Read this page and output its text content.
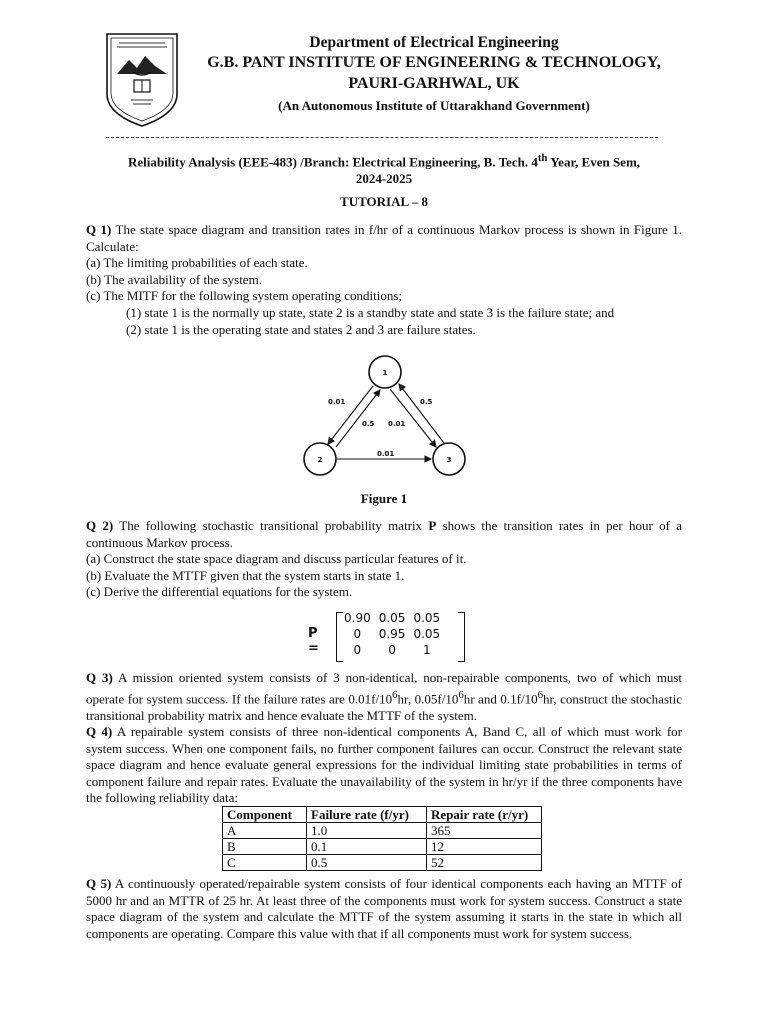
Department of Electrical Engineering
G.B. PANT INSTITUTE OF ENGINEERING & TECHNOLOGY,
PAURI-GARHWAL, UK
(An Autonomous Institute of Uttarakhand Government)
Reliability Analysis (EEE-483) /Branch: Electrical Engineering, B. Tech. 4th Year, Even Sem,
2024-2025
TUTORIAL – 8

Q 1) The state space diagram and transition rates in f/hr of a continuous Markov process is shown in Figure 1. Calculate:

(a) The limiting probabilities of each state.

(b) The availability of the system.

(c) The MITF for the following system operating conditions;

(1) state 1 is the normally up state, state 2 is a standby state and state 3 is the failure state; and

(2) state 1 is the operating state and states 2 and 3 are failure states.

1
2	3
0.01
0.5 0.01
0.5
0.01
Figure 1

Q 2) The following stochastic transitional probability matrix P shows the transition rates in per hour of a continuous Markov process.

(a) Construct the state space diagram and discuss particular features of it.

(b) Evaluate the MTTF given that the system starts in state 1.

(c) Derive the differential equations for the system.

P =
0.90	0.05	0.05
0	0.95	0.05
0	0	1

Q 3) A mission oriented system consists of 3 non-identical, non-repairable components, two of which must operate for system success. If the failure rates are $0.01f/10^6hr$, $0.05f/10^6hr$ and $0.1f/10^6hr$, construct the stochastic transitional probability matrix and hence evaluate the MTTF of the system.

Q 4) A repairable system consists of three non-identical components A, Band C, all of which must work for system success. When one component fails, no further component failures can occur. Construct the relevant state space diagram and hence evaluate general expressions for the individual limiting state probabilities in terms of component failure and repair rates. Evaluate the unavailability of the system in hr/yr if the three components have the following reliability data:

Component	Failure rate (f/yr)	Repair rate (r/yr)
A	1.0	365
B	0.1	12
C	0.5	52

Q 5) A continuously operated/repairable system consists of four identical components each having an MTTF of 5000 hr and an MTTR of 25 hr. At least three of the components must work for system success. Construct a state space diagram of the system and calculate the MTTF of the system assuming it starts in the state in which all components are operating. Compare this value with that if all components must work for system success.
